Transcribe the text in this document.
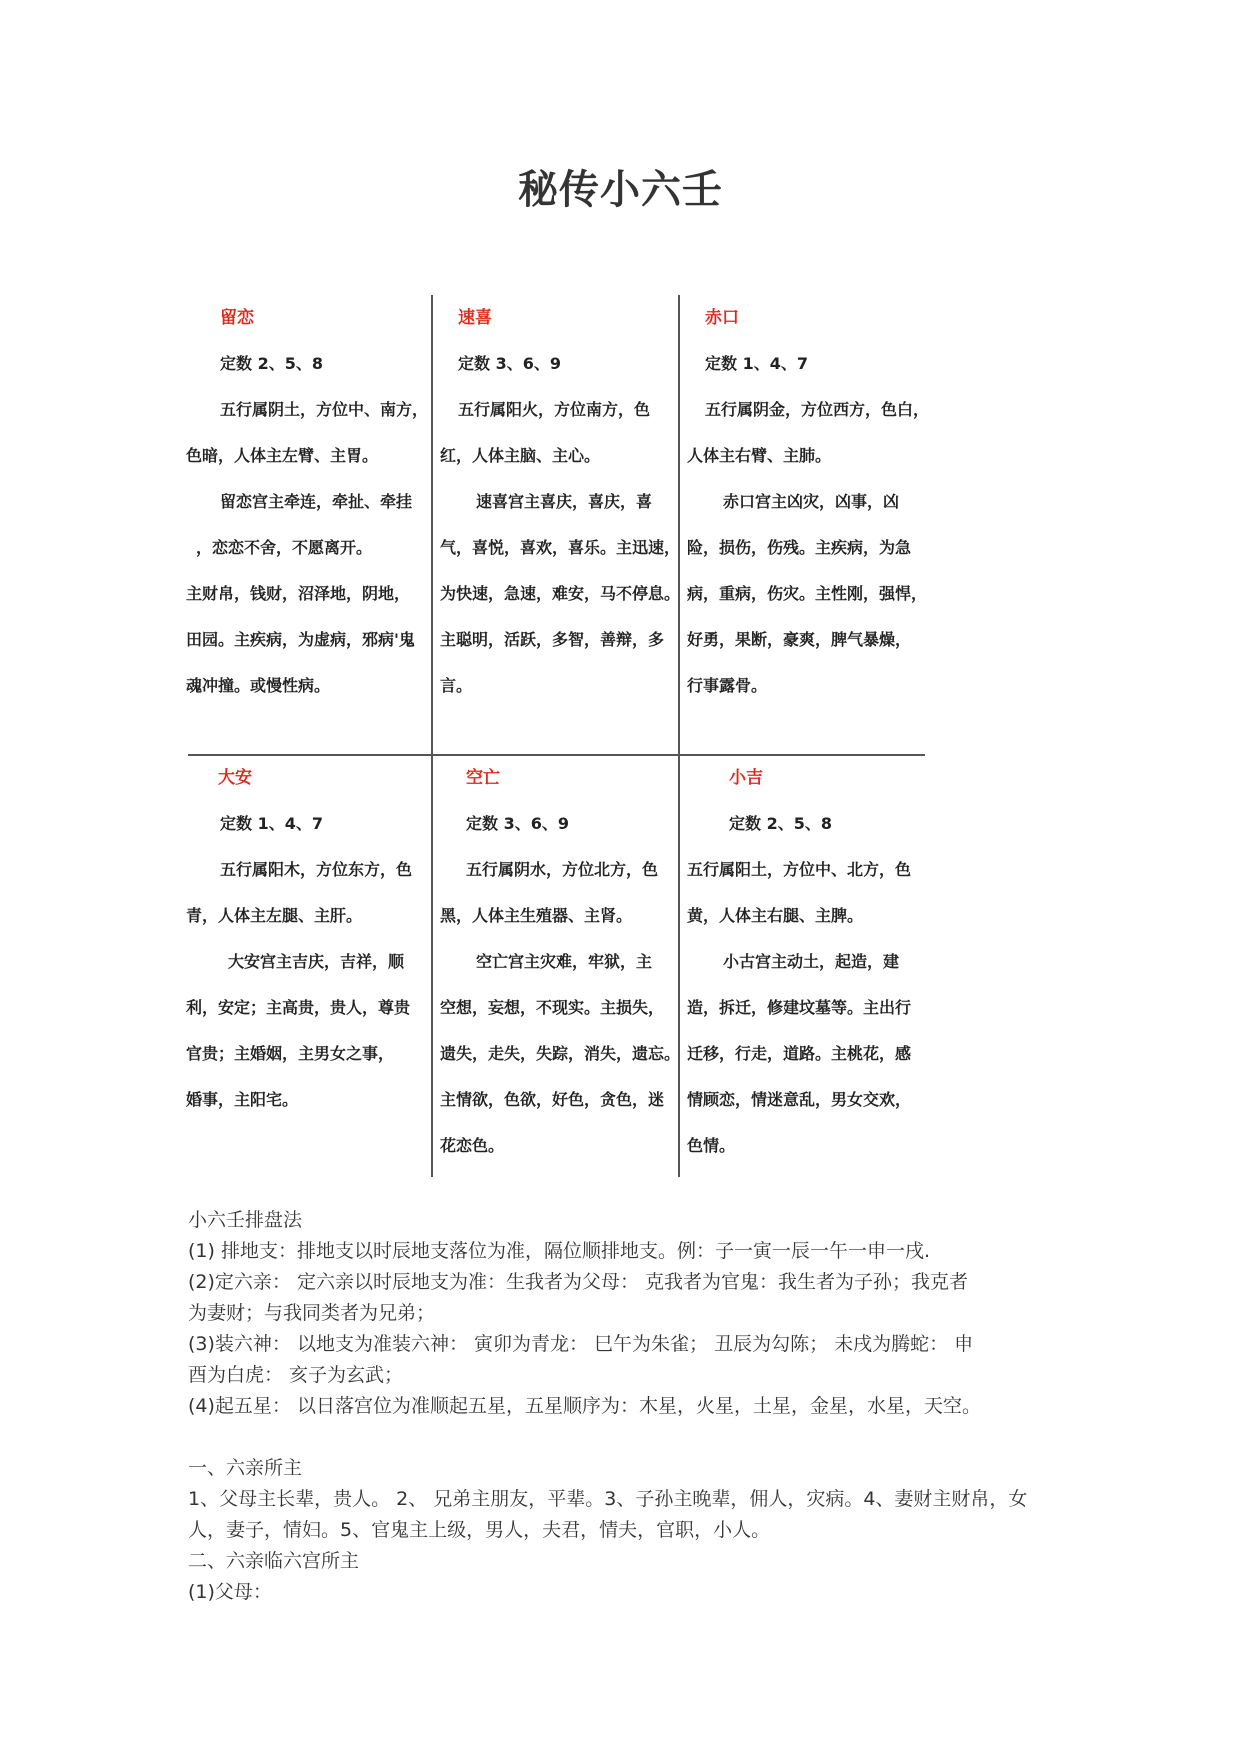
秘传小六壬
留恋
定数 2、5、8
五行属阴土，方位中、南方，
色暗，人体主左臂、主胃。
留恋宫主牵连，牵扯、牵挂
，恋恋不舍，不愿离开。
主财帛，钱财，沼泽地，阴地，
田园。主疾病，为虚病，邪病'鬼
魂冲撞。或慢性病。
速喜
定数 3、6、9
五行属阳火，方位南方，色
红，人体主脑、主心。
速喜宫主喜庆，喜庆，喜
气，喜悦，喜欢，喜乐。主迅速，
为快速，急速，难安，马不停息。
主聪明，活跃，多智，善辩，多
言。
赤口
定数 1、4、7
五行属阴金，方位西方，色白，
人体主右臂、主肺。
赤口宫主凶灾，凶事，凶
险，损伤，伤残。主疾病，为急
病，重病，伤灾。主性刚，强悍，
好勇，果断，豪爽，脾气暴燥，
行事露骨。
大安
定数 1、4、7
五行属阳木，方位东方，色
青，人体主左腿、主肝。
大安宫主吉庆，吉祥，顺
利，安定；主高贵，贵人，尊贵
官贵；主婚姻，主男女之事，
婚事，主阳宅。
空亡
定数 3、6、9
五行属阴水，方位北方，色
黑，人体主生殖器、主肾。
空亡宫主灾难，牢狱，主
空想，妄想，不现实。主损失，
遗失，走失，失踪，消失，遗忘。
主情欲，色欲，好色，贪色，迷
花恋色。
小吉
定数 2、5、8
五行属阳土，方位中、北方，色
黄，人体主右腿、主脾。
小古宫主动土，起造，建
造，拆迁，修建坟墓等。主出行
迁移，行走，道路。主桃花，感
情顾恋，情迷意乱，男女交欢，
色情。
小六壬排盘法
(1) 排地支：排地支以时辰地支落位为准，隔位顺排地支。例：子一寅一辰一午一申一戌.
(2)定六亲： 定六亲以时辰地支为准：生我者为父母： 克我者为官鬼：我生者为子孙；我克者
为妻财；与我同类者为兄弟；
(3)装六神： 以地支为准装六神： 寅卯为青龙： 巳午为朱雀； 丑辰为勾陈； 未戌为腾蛇： 申
酉为白虎： 亥子为玄武；
(4)起五星： 以日落宫位为准顺起五星，五星顺序为：木星，火星，土星，金星，水星，天空。
一、六亲所主
1、父母主长辈，贵人。 2、 兄弟主朋友，平辈。3、子孙主晚辈，佣人，灾病。4、妻财主财帛，女
人，妻子，情妇。5、官鬼主上级，男人，夫君，情夫，官职，小人。
二、六亲临六宫所主
(1)父母：
